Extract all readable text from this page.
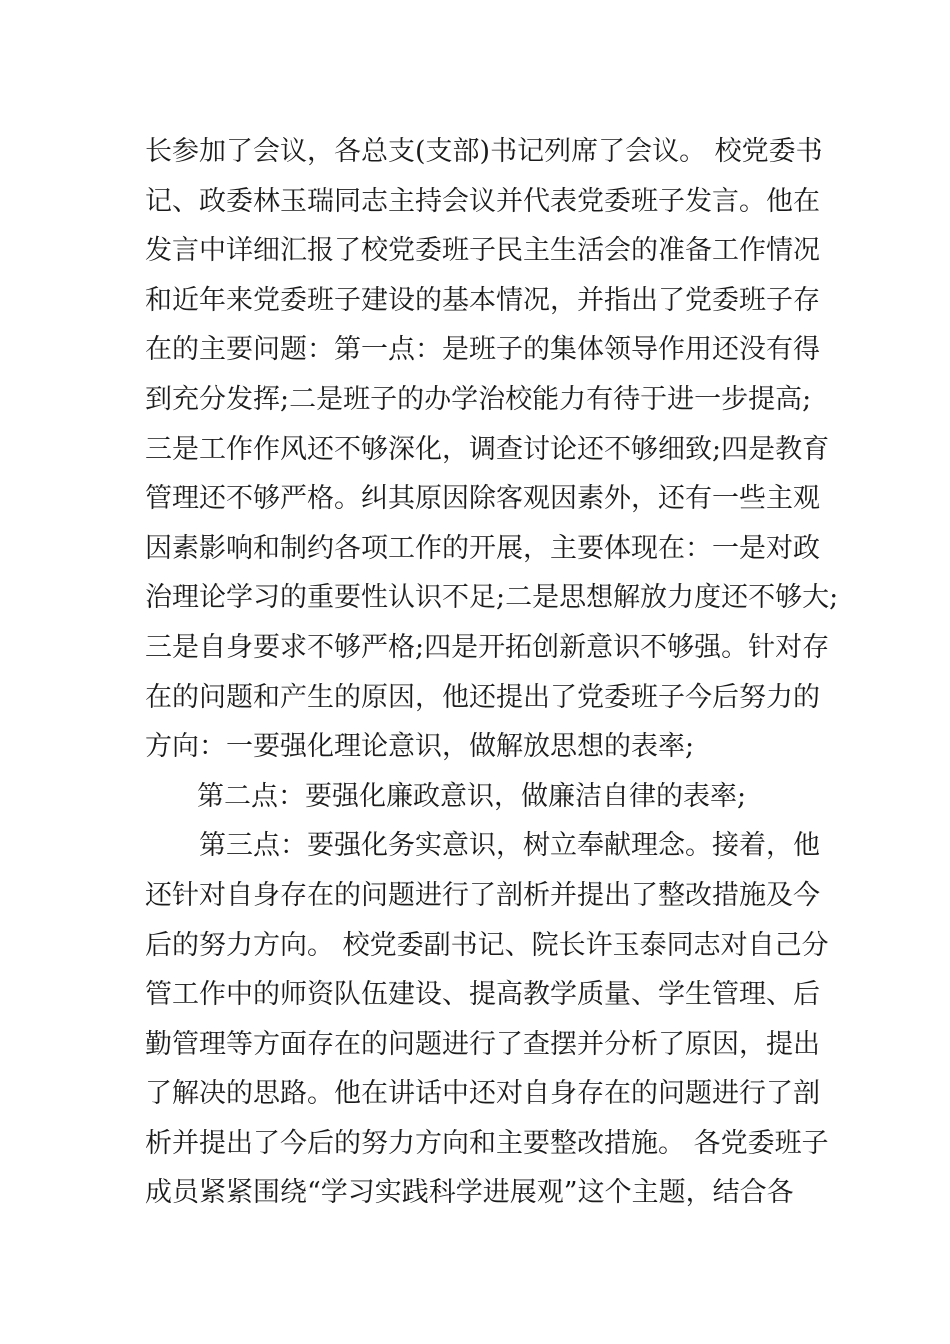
长参加了会议，各总支(支部)书记列席了会议。 校党委书
记、政委林玉瑞同志主持会议并代表党委班子发言。他在
发言中详细汇报了校党委班子民主生活会的准备工作情况
和近年来党委班子建设的基本情况，并指出了党委班子存
在的主要问题：第一点：是班子的集体领导作用还没有得
到充分发挥;二是班子的办学治校能力有待于进一步提高;
三是工作作风还不够深化，调查讨论还不够细致;四是教育
管理还不够严格。纠其原因除客观因素外，还有一些主观
因素影响和制约各项工作的开展，主要体现在：一是对政
治理论学习的重要性认识不足;二是思想解放力度还不够大;
三是自身要求不够严格;四是开拓创新意识不够强。针对存
在的问题和产生的原因，他还提出了党委班子今后努力的
方向：一要强化理论意识，做解放思想的表率;
第二点：要强化廉政意识，做廉洁自律的表率;
第三点：要强化务实意识，树立奉献理念。接着，他
还针对自身存在的问题进行了剖析并提出了整改措施及今
后的努力方向。 校党委副书记、院长许玉泰同志对自己分
管工作中的师资队伍建设、提高教学质量、学生管理、后
勤管理等方面存在的问题进行了查摆并分析了原因，提出
了解决的思路。他在讲话中还对自身存在的问题进行了剖
析并提出了今后的努力方向和主要整改措施。 各党委班子
成员紧紧围绕“学习实践科学进展观”这个主题，结合各
